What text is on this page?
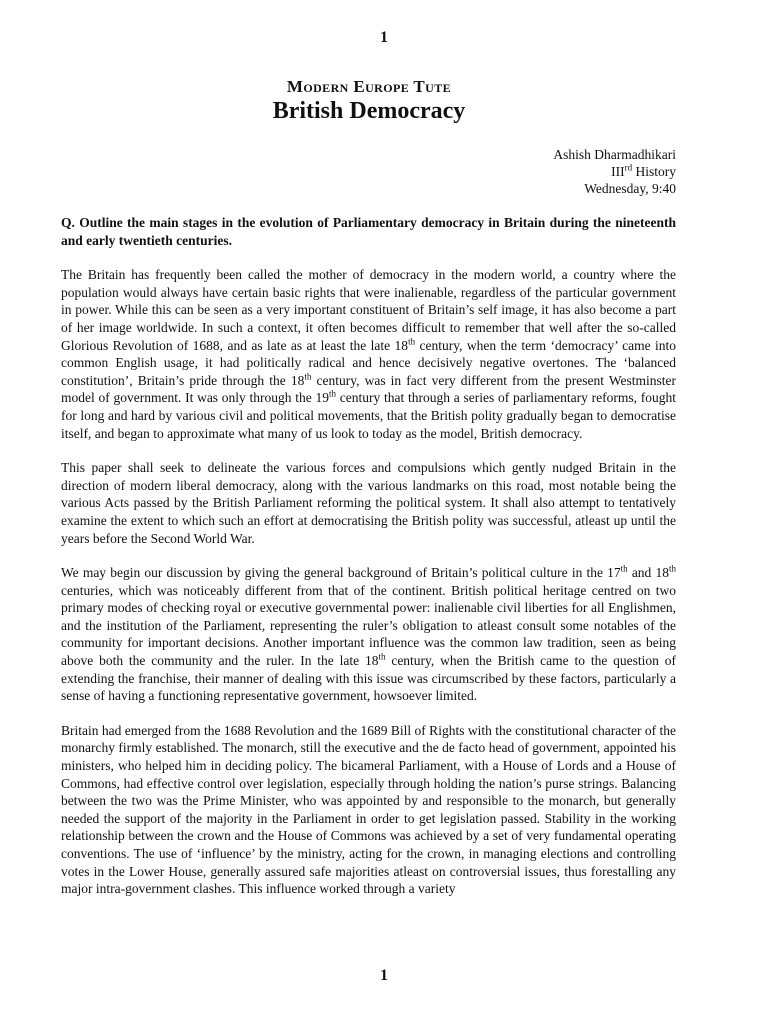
1
Modern Europe Tute
British Democracy
Ashish Dharmadhikari
IIIrd History
Wednesday, 9:40

Q. Outline the main stages in the evolution of Parliamentary democracy in Britain during the nineteenth and early twentieth centuries.

The Britain has frequently been called the mother of democracy in the modern world, a country where the population would always have certain basic rights that were inalienable, regardless of the particular government in power. While this can be seen as a very important constituent of Britain’s self image, it has also become a part of her image worldwide. In such a context, it often becomes difficult to remember that well after the so-called Glorious Revolution of 1688, and as late as at least the late 18th century, when the term ‘democracy’ came into common English usage, it had politically radical and hence decisively negative overtones. The ‘balanced constitution’, Britain’s pride through the 18th century, was in fact very different from the present Westminster model of government. It was only through the 19th century that through a series of parliamentary reforms, fought for long and hard by various civil and political movements, that the British polity gradually began to democratise itself, and began to approximate what many of us look to today as the model, British democracy.

This paper shall seek to delineate the various forces and compulsions which gently nudged Britain in the direction of modern liberal democracy, along with the various landmarks on this road, most notable being the various Acts passed by the British Parliament reforming the political system. It shall also attempt to tentatively examine the extent to which such an effort at democratising the British polity was successful, atleast up until the years before the Second World War.

We may begin our discussion by giving the general background of Britain’s political culture in the 17th and 18th centuries, which was noticeably different from that of the continent. British political heritage centred on two primary modes of checking royal or executive governmental power: inalienable civil liberties for all Englishmen, and the institution of the Parliament, representing the ruler’s obligation to atleast consult some notables of the community for important decisions. Another important influence was the common law tradition, seen as being above both the community and the ruler. In the late 18th century, when the British came to the question of extending the franchise, their manner of dealing with this issue was circumscribed by these factors, particularly a sense of having a functioning representative government, howsoever limited.

Britain had emerged from the 1688 Revolution and the 1689 Bill of Rights with the constitutional character of the monarchy firmly established. The monarch, still the executive and the de facto head of government, appointed his ministers, who helped him in deciding policy. The bicameral Parliament, with a House of Lords and a House of Commons, had effective control over legislation, especially through holding the nation’s purse strings. Balancing between the two was the Prime Minister, who was appointed by and responsible to the monarch, but generally needed the support of the majority in the Parliament in order to get legislation passed. Stability in the working relationship between the crown and the House of Commons was achieved by a set of very fundamental operating conventions. The use of ‘influence’ by the ministry, acting for the crown, in managing elections and controlling votes in the Lower House, generally assured safe majorities atleast on controversial issues, thus forestalling any major intra-government clashes. This influence worked through a variety

1
